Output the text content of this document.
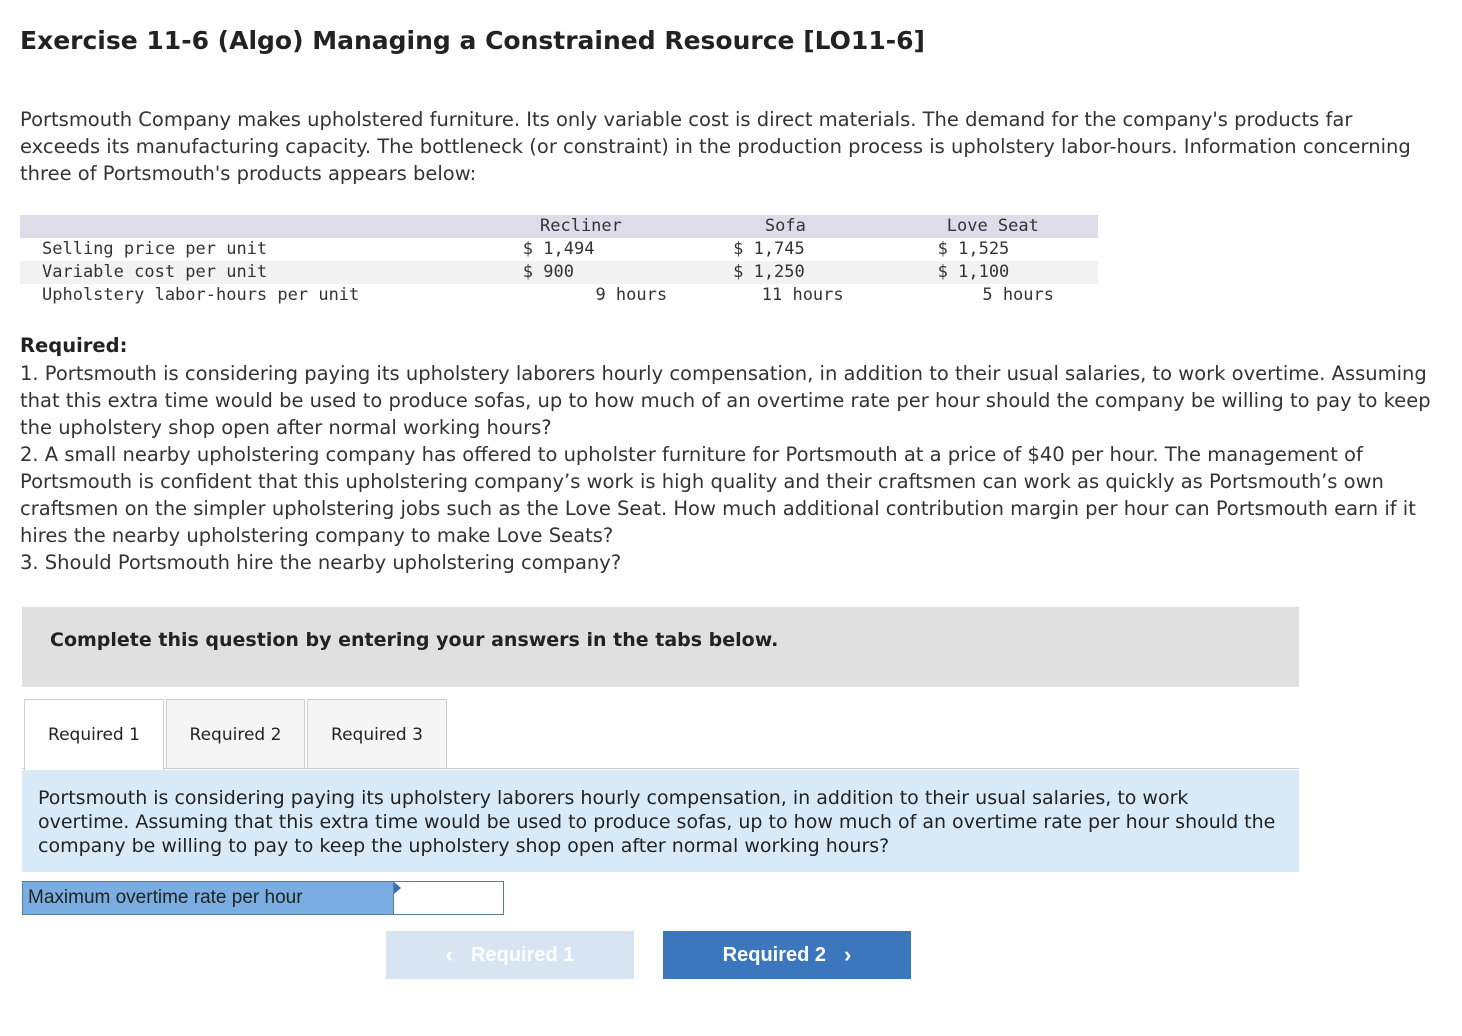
Exercise 11-6 (Algo) Managing a Constrained Resource [LO11-6]
Portsmouth Company makes upholstered furniture. Its only variable cost is direct materials. The demand for the company's products far exceeds its manufacturing capacity. The bottleneck (or constraint) in the production process is upholstery labor-hours. Information concerning three of Portsmouth's products appears below:
	Recliner	Sofa	Love Seat
Selling price per unit	$ 1,494	$ 1,745	$ 1,525
Variable cost per unit	$ 900	$ 1,250	$ 1,100
Upholstery labor-hours per unit	9 hours	11 hours	5 hours
Required:

1. Portsmouth is considering paying its upholstery laborers hourly compensation, in addition to their usual salaries, to work overtime. Assuming that this extra time would be used to produce sofas, up to how much of an overtime rate per hour should the company be willing to pay to keep the upholstery shop open after normal working hours?

2. A small nearby upholstering company has offered to upholster furniture for Portsmouth at a price of $40 per hour. The management of Portsmouth is confident that this upholstering company’s work is high quality and their craftsmen can work as quickly as Portsmouth’s own craftsmen on the simpler upholstering jobs such as the Love Seat. How much additional contribution margin per hour can Portsmouth earn if it hires the nearby upholstering company to make Love Seats?

3. Should Portsmouth hire the nearby upholstering company?

Complete this question by entering your answers in the tabs below.
Required 1	Required 2	Required 3
Portsmouth is considering paying its upholstery laborers hourly compensation, in addition to their usual salaries, to work overtime. Assuming that this extra time would be used to produce sofas, up to how much of an overtime rate per hour should the company be willing to pay to keep the upholstery shop open after normal working hours?
Maximum overtime rate per hour
‹ Required 1	Required 2 ›
